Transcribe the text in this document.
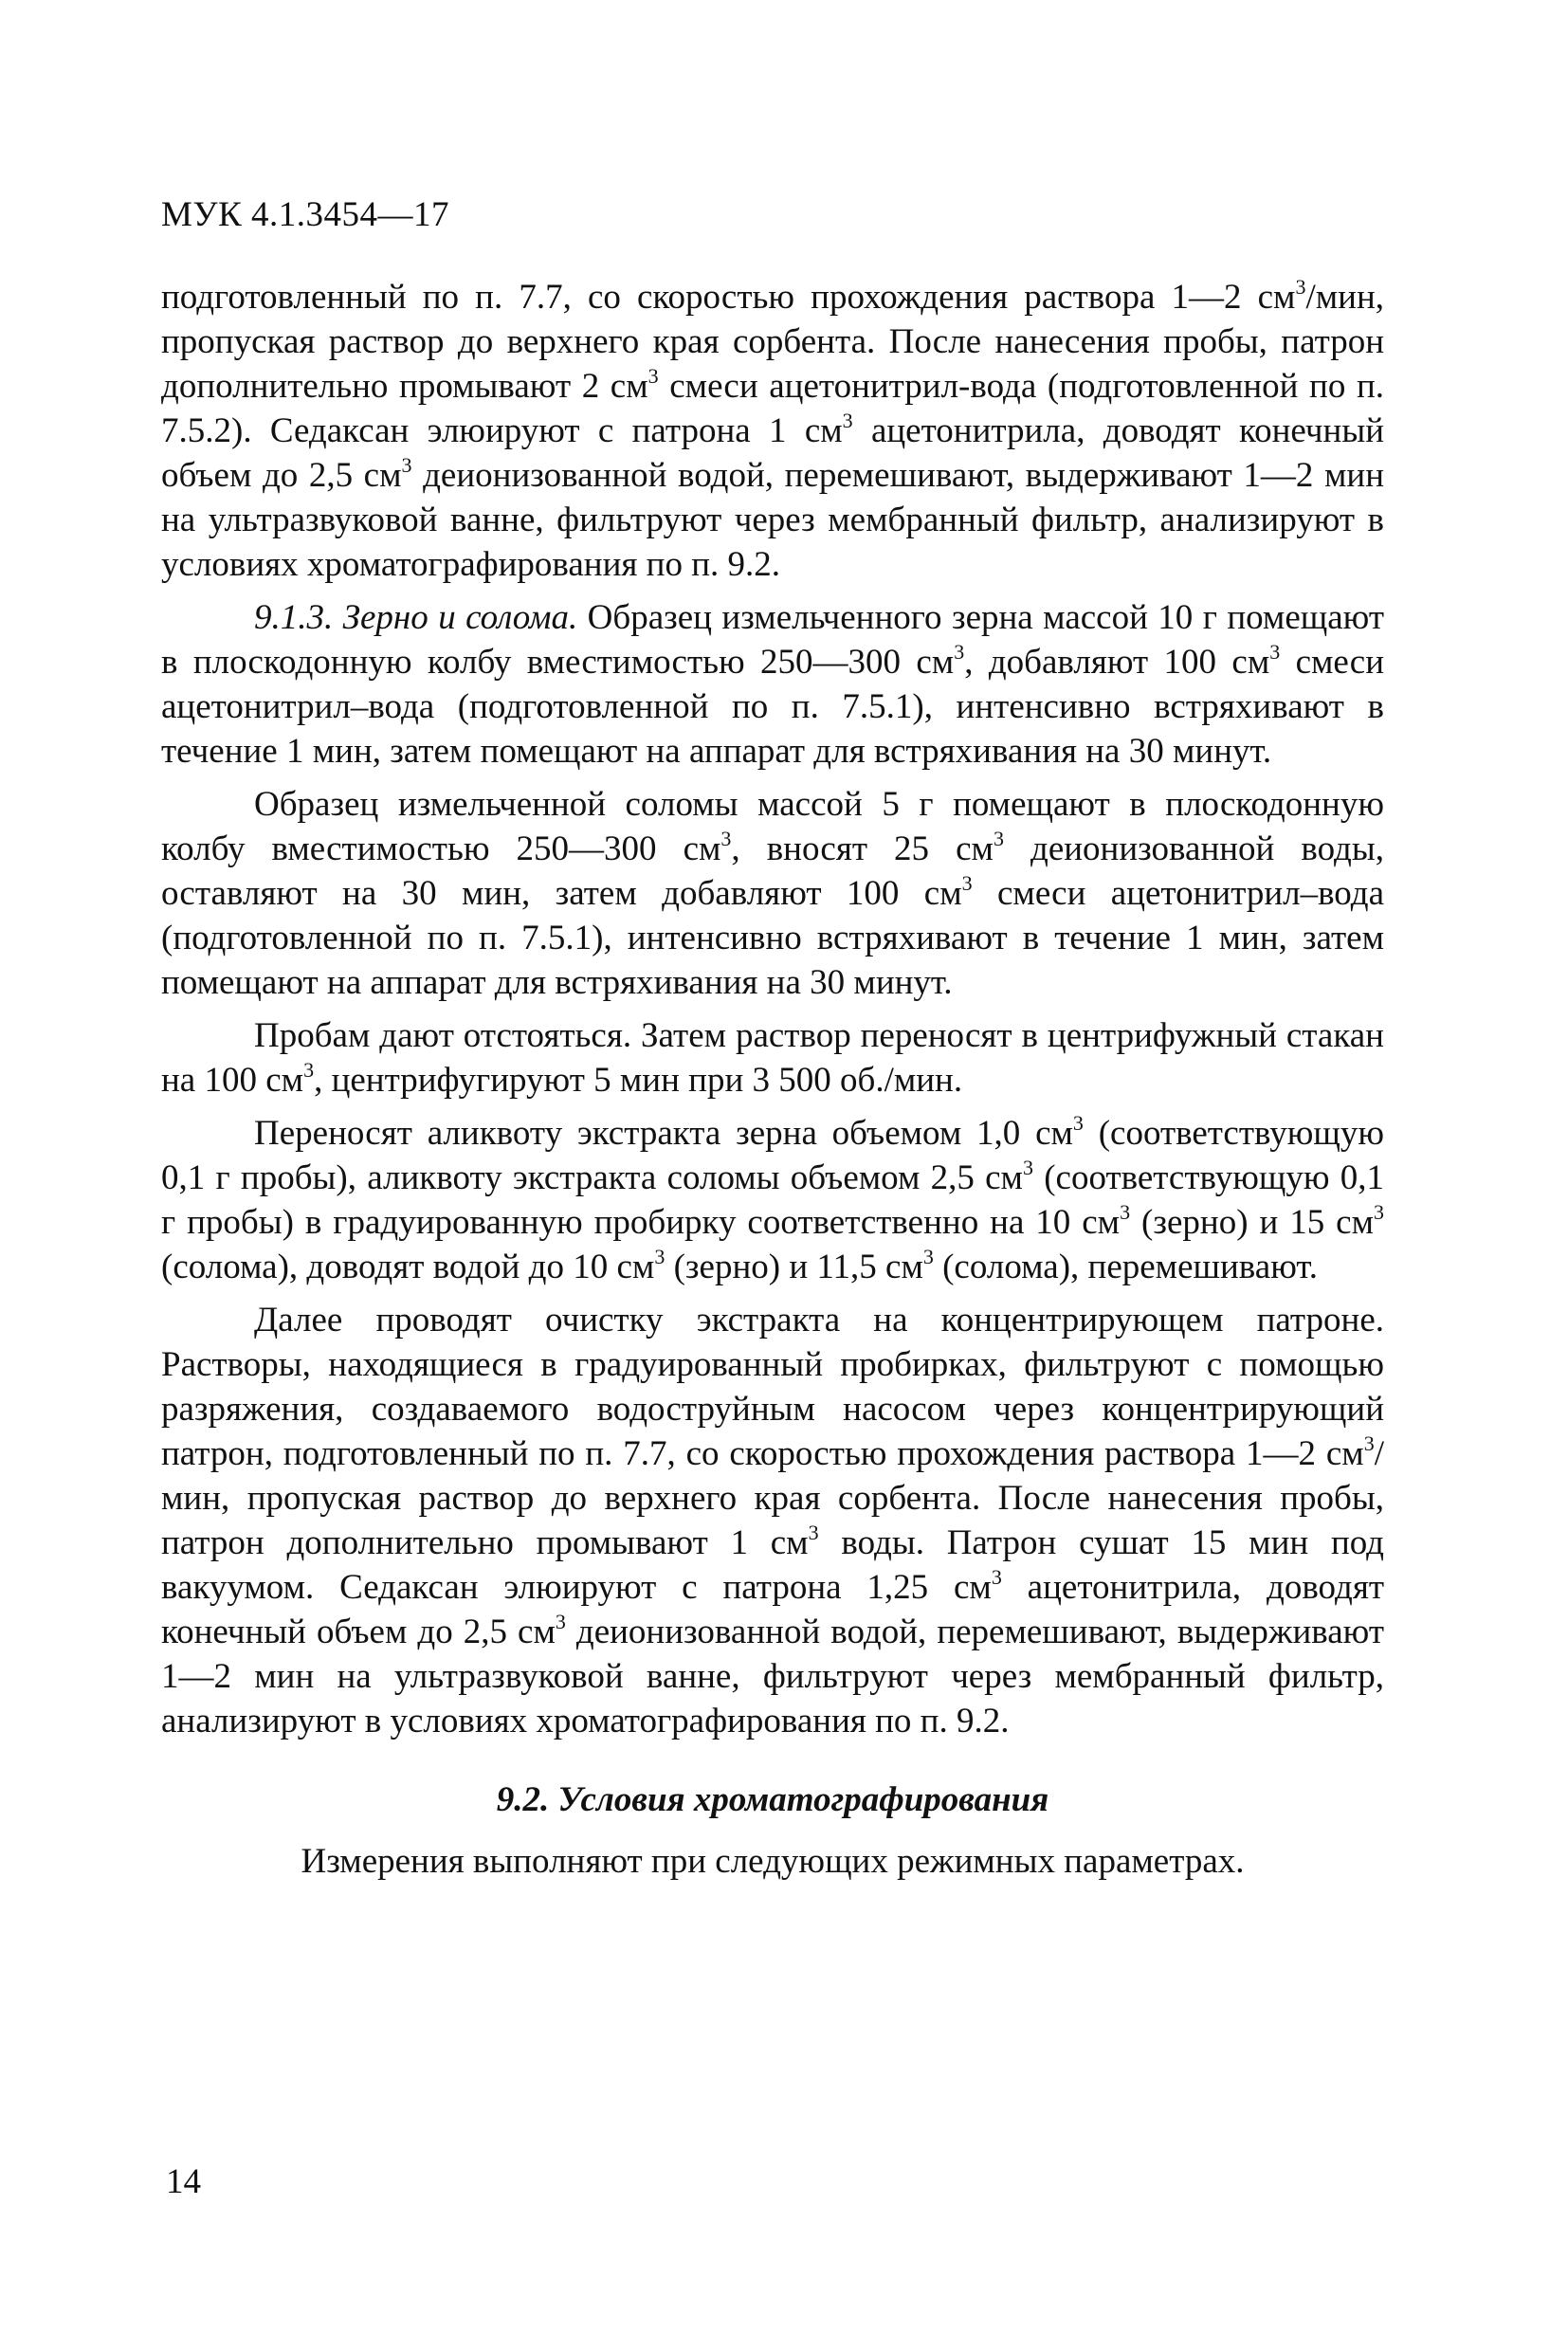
МУК 4.1.3454—17

подготовленный по п. 7.7, со скоростью прохождения раствора 1—2 $см^3$/мин, пропуская раствор до верхнего края сорбента. После нанесения пробы, патрон дополнительно промывают 2 $см^3$ смеси ацетонитрил-вода (подготовленной по п. 7.5.2). Седаксан элюируют с патрона 1 $см^3$ ацетонитрила, доводят конечный объем до 2,5 $см^3$ деионизованной водой, перемешивают, выдерживают 1—2 мин на ультразвуковой ванне, фильтруют через мембранный фильтр, анализируют в условиях хроматографирования по п. 9.2.

9.1.3. Зерно и солома. Образец измельченного зерна массой 10 г помещают в плоскодонную колбу вместимостью 250—300 $см^3$, добавляют 100 $см^3$ смеси ацетонитрил–вода (подготовленной по п. 7.5.1), интенсивно встряхивают в течение 1 мин, затем помещают на аппарат для встряхивания на 30 минут.

Образец измельченной соломы массой 5 г помещают в плоскодонную колбу вместимостью 250—300 $см^3$, вносят 25 $см^3$ деионизованной воды, оставляют на 30 мин, затем добавляют 100 $см^3$ смеси ацетонитрил–вода (подготовленной по п. 7.5.1), интенсивно встряхивают в течение 1 мин, затем помещают на аппарат для встряхивания на 30 минут.

Пробам дают отстояться. Затем раствор переносят в центрифужный стакан на 100 $см^3$, центрифугируют 5 мин при 3 500 об./мин.

Переносят аликвоту экстракта зерна объемом 1,0 $см^3$ (соответствующую 0,1 г пробы), аликвоту экстракта соломы объемом 2,5 $см^3$ (соответствующую 0,1 г пробы) в градуированную пробирку соответственно на 10 $см^3$ (зерно) и 15 $см^3$ (солома), доводят водой до 10 $см^3$ (зерно) и 11,5 $см^3$ (солома), перемешивают.

Далее проводят очистку экстракта на концентрирующем патроне. Растворы, находящиеся в градуированный пробирках, фильтруют с помощью разряжения, создаваемого водоструйным насосом через концентрирующий патрон, подготовленный по п. 7.7, со скоростью прохождения раствора 1—2 $см^3$/мин, пропуская раствор до верхнего края сорбента. После нанесения пробы, патрон дополнительно промывают 1 $см^3$ воды. Патрон сушат 15 мин под вакуумом. Седаксан элюируют с патрона 1,25 $см^3$ ацетонитрила, доводят конечный объем до 2,5 $см^3$ деионизованной водой, перемешивают, выдерживают 1—2 мин на ультразвуковой ванне, фильтруют через мембранный фильтр, анализируют в условиях хроматографирования по п. 9.2.

9.2. Условия хроматографирования

Измерения выполняют при следующих режимных параметрах.

14
